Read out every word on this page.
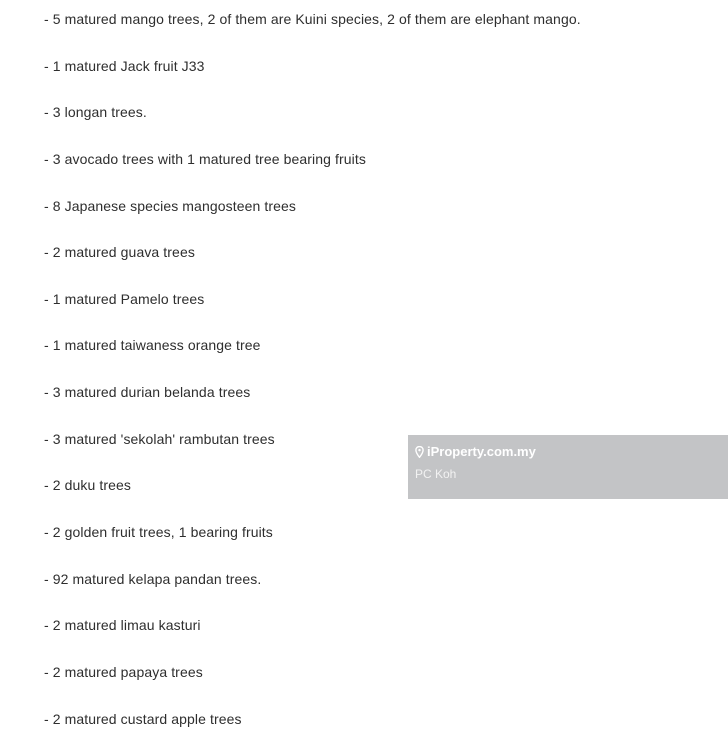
- 5 matured mango trees, 2 of them are Kuini species, 2 of them are elephant mango.

- 1 matured Jack fruit J33

- 3 longan trees.

- 3 avocado trees with 1 matured tree bearing fruits

- 8 Japanese species mangosteen trees

- 2 matured guava trees

- 1 matured Pamelo trees

- 1 matured taiwaness orange tree

- 3 matured durian belanda trees

- 3 matured 'sekolah' rambutan trees

- 2 duku trees

- 2 golden fruit trees, 1 bearing fruits

- 92 matured kelapa pandan trees.

- 2 matured limau kasturi

- 2 matured papaya trees

- 2 matured custard apple trees

iProperty.com.my
PC Koh
